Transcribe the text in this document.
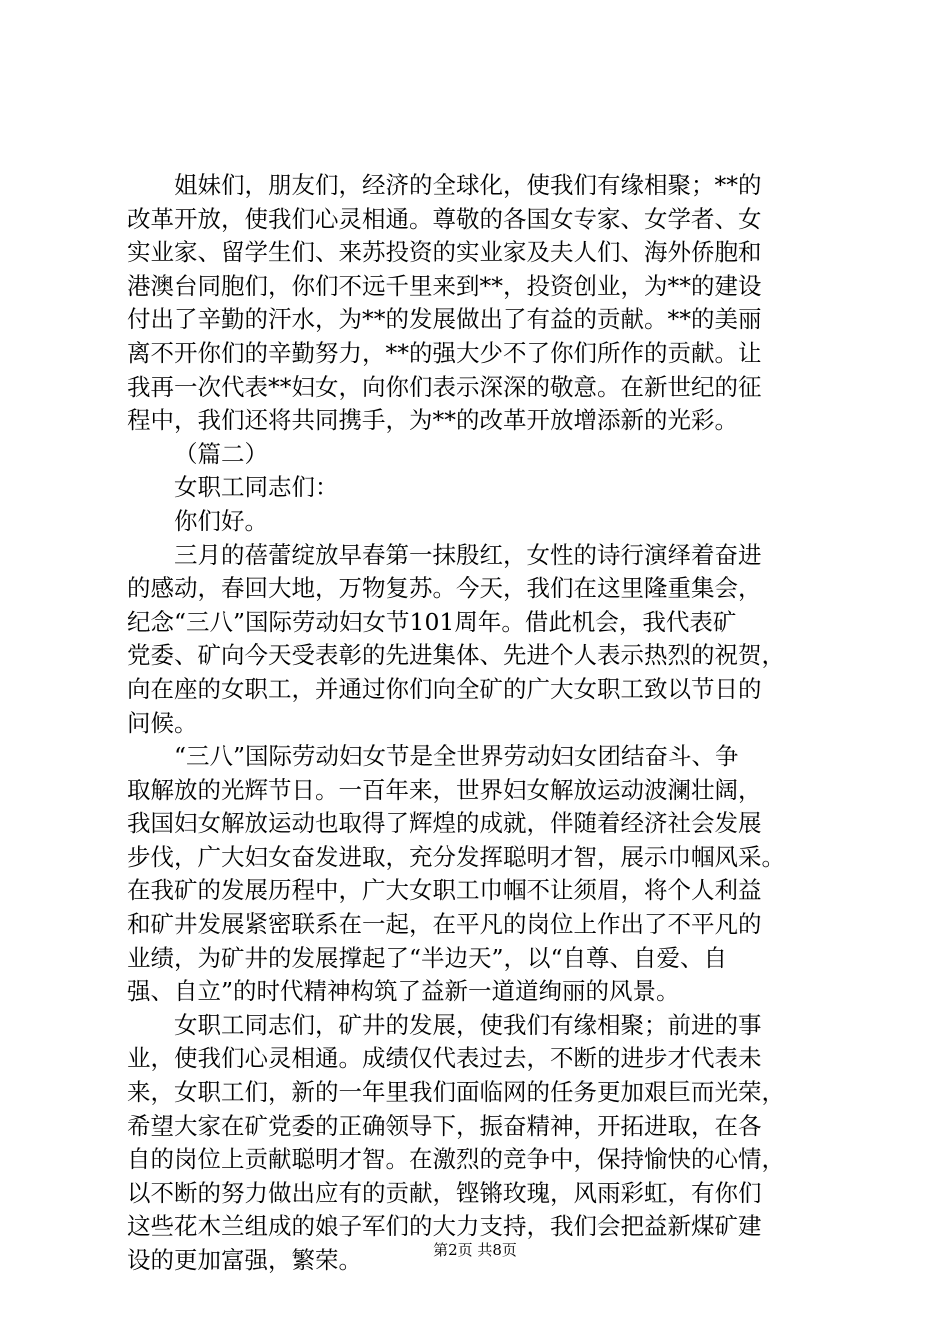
姐妹们，朋友们，经济的全球化，使我们有缘相聚；**的
改革开放，使我们心灵相通。尊敬的各国女专家、女学者、女
实业家、留学生们、来苏投资的实业家及夫人们、海外侨胞和
港澳台同胞们，你们不远千里来到**，投资创业，为**的建设
付出了辛勤的汗水，为**的发展做出了有益的贡献。**的美丽
离不开你们的辛勤努力，**的强大少不了你们所作的贡献。让
我再一次代表**妇女，向你们表示深深的敬意。在新世纪的征
程中，我们还将共同携手，为**的改革开放增添新的光彩。
（篇二）
女职工同志们：
你们好。
三月的蓓蕾绽放早春第一抹殷红，女性的诗行演绎着奋进
的感动，春回大地，万物复苏。今天，我们在这里隆重集会，
纪念“三八”国际劳动妇女节101周年。借此机会，我代表矿
党委、矿向今天受表彰的先进集体、先进个人表示热烈的祝贺，
向在座的女职工，并通过你们向全矿的广大女职工致以节日的
问候。
“三八”国际劳动妇女节是全世界劳动妇女团结奋斗、争
取解放的光辉节日。一百年来，世界妇女解放运动波澜壮阔，
我国妇女解放运动也取得了辉煌的成就，伴随着经济社会发展
步伐，广大妇女奋发进取，充分发挥聪明才智，展示巾帼风采。
在我矿的发展历程中，广大女职工巾帼不让须眉，将个人利益
和矿井发展紧密联系在一起，在平凡的岗位上作出了不平凡的
业绩，为矿井的发展撑起了“半边天”，以“自尊、自爱、自
强、自立”的时代精神构筑了益新一道道绚丽的风景。
女职工同志们，矿井的发展，使我们有缘相聚；前进的事
业，使我们心灵相通。成绩仅代表过去，不断的进步才代表未
来，女职工们，新的一年里我们面临网的任务更加艰巨而光荣，
希望大家在矿党委的正确领导下，振奋精神，开拓进取，在各
自的岗位上贡献聪明才智。在激烈的竞争中，保持愉快的心情，
以不断的努力做出应有的贡献，铿锵玫瑰，风雨彩虹，有你们
这些花木兰组成的娘子军们的大力支持，我们会把益新煤矿建
设的更加富强，繁荣。	第2页 共8页
